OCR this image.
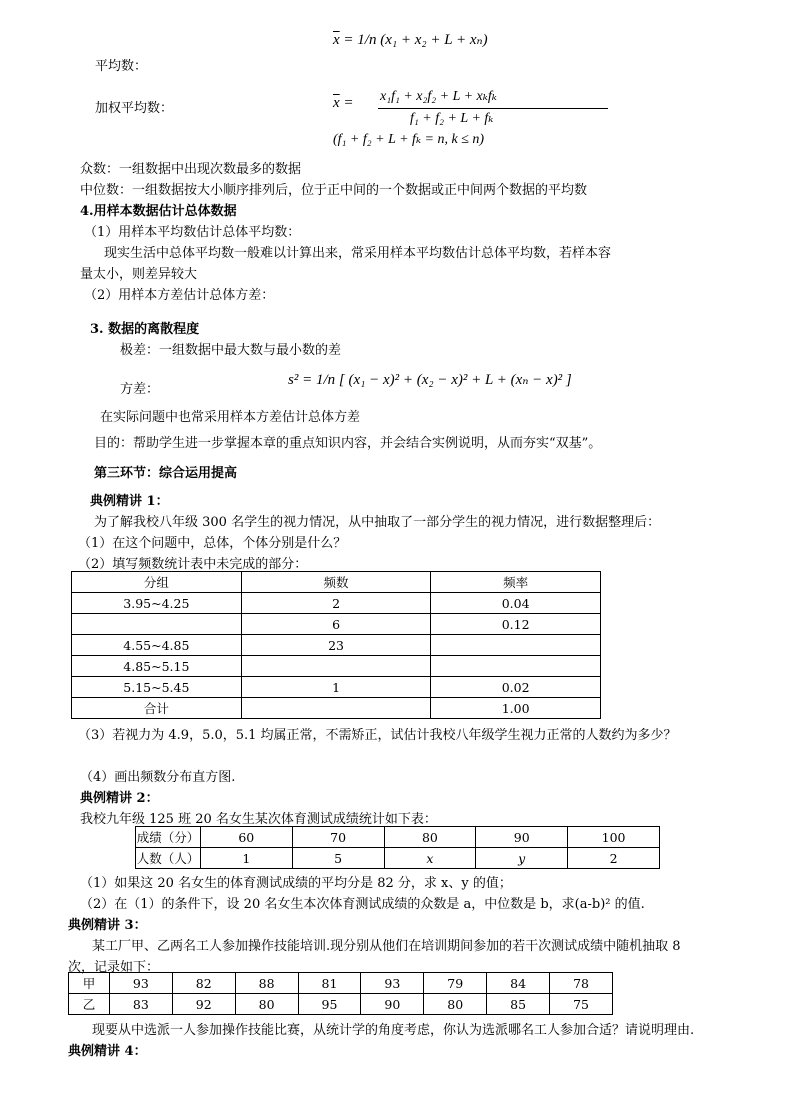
$\overline{x} = 1/n$ (x₁ + x₂ + L + xₙ)
平均数：
加权平均数：	$\overline{x} = x_1f_1 + x_2f_2 + L + x_kf_k$
f₁ + f₂ + L + fₖ
(f₁ + f₂ + L + fₖ = n, k ≤ n)
众数：一组数据中出现次数最多的数据
中位数：一组数据按大小顺序排列后，位于正中间的一个数据或正中间两个数据的平均数
4.用样本数据估计总体数据
（1）用样本平均数估计总体平均数：
现实生活中总体平均数一般难以计算出来，常采用样本平均数估计总体平均数，若样本容
量太小，则差异较大
（2）用样本方差估计总体方差：
3. 数据的离散程度
极差：一组数据中最大数与最小数的差
方差：
s² = 1/n [ (x₁ − x)² + (x₂ − x)² + L + (xₙ − x)² ]
在实际问题中也常采用样本方差估计总体方差
目的：帮助学生进一步掌握本章的重点知识内容，并会结合实例说明，从而夯实“双基”。
第三环节：综合运用提高
典例精讲 1：
为了解我校八年级 300 名学生的视力情况，从中抽取了一部分学生的视力情况，进行数据整理后：
（1）在这个问题中，总体，个体分别是什么？
（2）填写频数统计表中未完成的部分：
分组	频数	频率
3.95~4.25	2	0.04
	6	0.12
4.55~4.85	23	
4.85~5.15		
5.15~5.45	1	0.02
合计		1.00
（3）若视力为 4.9，5.0，5.1 均属正常，不需矫正，试估计我校八年级学生视力正常的人数约为多少？
（4）画出频数分布直方图.
典例精讲 2：
我校九年级 125 班 20 名女生某次体育测试成绩统计如下表：
成绩（分）	60	70	80	90	100
人数（人）	1	5	x	y	2
（1）如果这 20 名女生的体育测试成绩的平均分是 82 分，求 x、y 的值；
（2）在（1）的条件下，设 20 名女生本次体育测试成绩的众数是 a，中位数是 b，求(a-b)² 的值.
典例精讲 3：
某工厂甲、乙两名工人参加操作技能培训.现分别从他们在培训期间参加的若干次测试成绩中随机抽取 8
次，记录如下：
甲	93	82	88	81	93	79	84	78
乙	83	92	80	95	90	80	85	75
现要从中选派一人参加操作技能比赛，从统计学的角度考虑，你认为选派哪名工人参加合适？请说明理由.
典例精讲 4：
